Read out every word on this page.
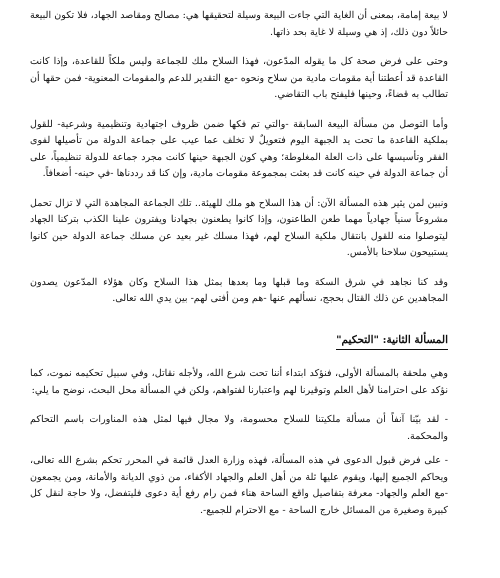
لا بيعة إمامة، بمعنى أن الغاية التي جاءت البيعة وسيلة لتحقيقها هي: مصالح ومقاصد الجهاد، فلا تكون البيعة حائلاً دون ذلك، إذ هي وسيلة لا غاية بحد ذاتها.

وحتى على فرض صحة كل ما يقوله المدّعون، فهذا السلاح ملك للجماعة وليس ملكاً للقاعدة، وإذا كانت القاعدة قد أعطتنا أية مقومات مادية من سلاح ونحوه -مع التقدير للدعم والمقومات المعنوية- فمن حقها أن تطالب به قضاءً، وحينها فليفتح باب التقاضي.

وأما التوصل من مسألة البيعة السابقة -والتي تم فكها ضمن ظروف اجتهادية وتنظيمية وشرعية- للقول بملكية القاعدة ما تحت يد الجبهة اليوم فتعويلٌ لا تخلف عما عيب على جماعة الدولة من تأصيلها لفوى الفقر وتأسيسها على ذات العلة المغلوطة؛ وهي كون الجبهة حينها كانت مجرد جماعة للدولة تنظيمياً، على أن جماعة الدولة في حينه كانت قد بعثت بمجموعة مقومات مادية، وإن كنا قد رددناها -في حينه- أضعافاً.

ونبين لمن يثير هذه المسألة الآن: أن هذا السلاح هو ملك للهيئة.. تلك الجماعة المجاهدة التي لا تزال تحمل مشروعاً سنياً جهادياً مهما طعن الطاعنون، وإذا كانوا يطعنون بجهادنا ويفترون علينا الكذب بتركنا الجهاد ليتوصلوا منه للقول بانتقال ملكية السلاح لهم، فهذا مسلك غير بعيد عن مسلك جماعة الدولة حين كانوا يستبيحون سلاحنا بالأمس.

وقد كنا نجاهد في شرق السكة وما قبلها وما بعدها بمثل هذا السلاح وكان هؤلاء المدّعون يصدون المجاهدين عن ذلك القتال بحجج، نسألهم عنها -هم ومن أفتى لهم- بين يدي الله تعالى.

المسألة الثانية: "التحكيم"

وهي ملحقة بالمسألة الأولى، فنؤكد ابتداء أننا تحت شرع الله، ولأجله نقاتل، وفي سبيل تحكيمه نموت، كما نؤكد على احترامنا لأهل العلم وتوقيرنا لهم واعتبارنا لفتواهم، ولكن في المسألة محل البحث، نوضح ما يلي:

- لقد بيّنا آنفاً أن مسألة ملكيتنا للسلاح محسومة، ولا مجال فيها لمثل هذه المناورات باسم التحاكم والمحكمة.

- على فرض قبول الدعوى في هذه المسألة، فهذه وزارة العدل قائمة في المحرر تحكم بشرع الله تعالى، ويحاكم الجميع إليها، ويقوم عليها ثلة من أهل العلم والجهاد الأكفاء، من ذوي الديانة والأمانة، ومن يجمعون -مع العلم والجهاد- معرفة بتفاصيل واقع الساحة هناء فمن رام رفع أية دعوى فليتفضل، ولا حاجة لنقل كل كبيرة وصغيرة من المسائل خارج الساحة - مع الاحترام للجميع-.
